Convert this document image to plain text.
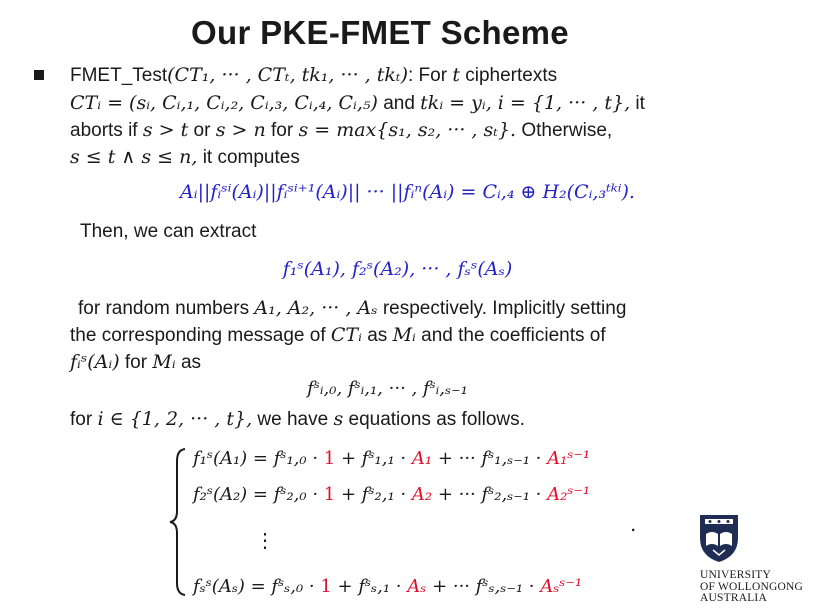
Our PKE-FMET Scheme
FMET_Test(CT₁, ··· , CTₜ, tk₁, ··· , tkₜ): For t ciphertexts
CTᵢ = (sᵢ, Cᵢ,₁, Cᵢ,₂, Cᵢ,₃, Cᵢ,₄, Cᵢ,₅) and tkᵢ = yᵢ, i = {1, ··· , t}, it
aborts if s > t or s > n for s = max{s₁, s₂, ··· , sₜ}. Otherwise,
s ≤ t ∧ s ≤ n, it computes
Aᵢ||fᵢˢⁱ(Aᵢ)||fᵢˢⁱ⁺¹(Aᵢ)|| ··· ||fᵢⁿ(Aᵢ) = Cᵢ,₄ ⊕ H₂(Cᵢ,₃ᵗᵏⁱ).
Then, we can extract
f₁ˢ(A₁), f₂ˢ(A₂), ··· , fₛˢ(Aₛ)
for random numbers A₁, A₂, ··· , Aₛ respectively. Implicitly setting
the corresponding message of CTᵢ as Mᵢ and the coefficients of
fᵢˢ(Aᵢ) for Mᵢ as
fˢᵢ,₀, fˢᵢ,₁, ··· , fˢᵢ,ₛ₋₁
for i ∈ {1, 2, ··· , t}, we have s equations as follows.
f₁ˢ(A₁) = fˢ₁,₀ · 1 + fˢ₁,₁ · A₁ + ··· fˢ₁,ₛ₋₁ · A₁ˢ⁻¹
f₂ˢ(A₂) = fˢ₂,₀ · 1 + fˢ₂,₁ · A₂ + ··· fˢ₂,ₛ₋₁ · A₂ˢ⁻¹
⋮
.
fₛˢ(Aₛ) = fˢₛ,₀ · 1 + fˢₛ,₁ · Aₛ + ··· fˢₛ,ₛ₋₁ · Aₛˢ⁻¹
UNIVERSITY
OF WOLLONGONG
AUSTRALIA
